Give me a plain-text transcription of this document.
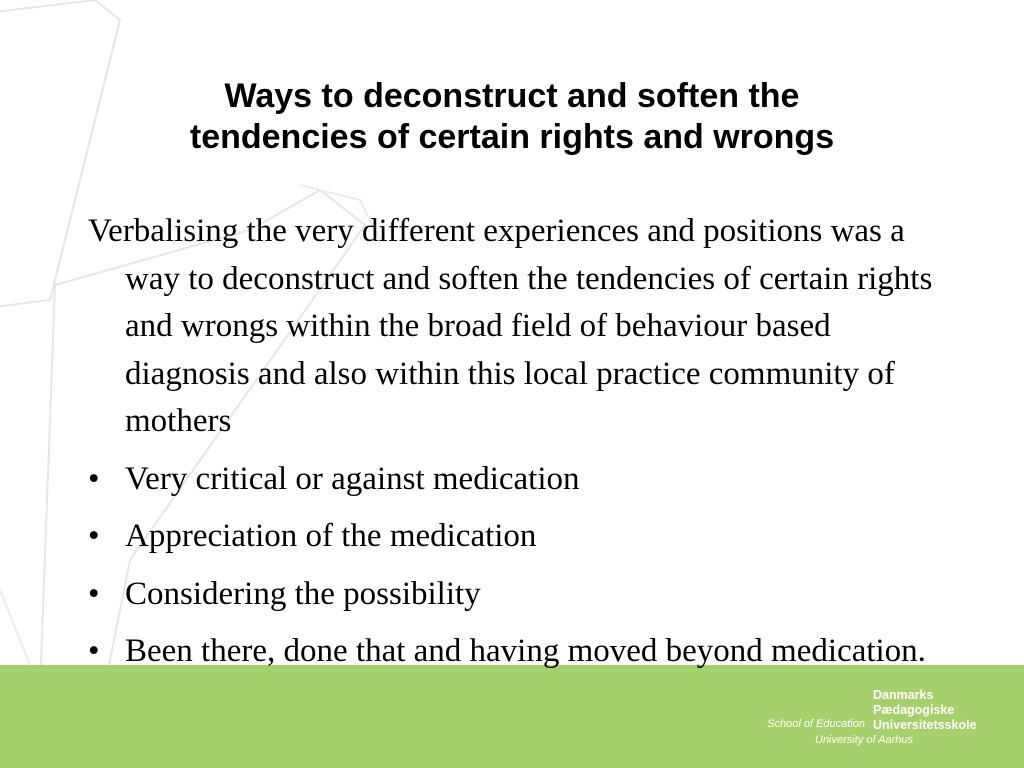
Ways to deconstruct and soften the
tendencies of certain rights and wrongs

Verbalising the very different experiences and positions was a way to deconstruct and soften the tendencies of certain rights and wrongs within the broad field of behaviour based diagnosis and also within this local practice community of mothers

• Very critical or against medication
• Appreciation of the medication
• Considering the possibility
• Been there, done that and having moved beyond medication.
Danmarks
Pædagogiske
Universitetsskole
School of Education
University of Aarhus
